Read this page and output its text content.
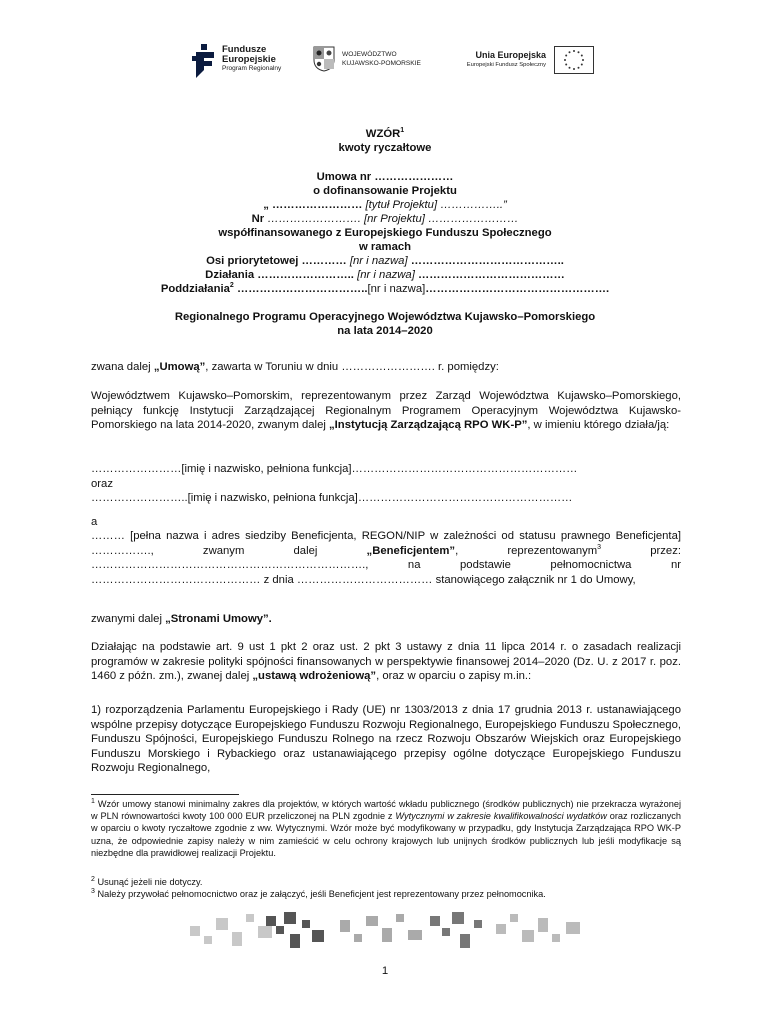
Fundusze
Europejskie
Program Regionalny
WOJEWÓDZTWO
KUJAWSKO-POMORSKIE
Unia Europejska
Europejski Fundusz Społeczny
WZÓR$^1$
kwoty ryczałtowe
Umowa nr …………………
o dofinansowanie Projektu
„ …………………… [tytuł Projektu] ……………..”
Nr ……………………. [nr Projektu] ……………………
współfinansowanego z Europejskiego Funduszu Społecznego
w ramach
Osi priorytetowej ………… [nr i nazwa] …………………………………..
Działania …………………….. [nr i nazwa] …………………………………
Poddziałania$^2$ ……………………………..[nr i nazwa]………………………………………….
Regionalnego Programu Operacyjnego Województwa Kujawsko–Pomorskiego
na lata 2014–2020
zwana dalej „Umową”, zawarta w Toruniu w dniu ……………………. r. pomiędzy:
Województwem Kujawsko–Pomorskim, reprezentowanym przez Zarząd Województwa Kujawsko–Pomorskiego, pełniący funkcję Instytucji Zarządzającej Regionalnym Programem Operacyjnym Województwa Kujawsko-Pomorskiego na lata 2014-2020, zwanym dalej „Instytucją Zarządzającą RPO WK-P”, w imieniu którego działa/ją:
……………………[imię i nazwisko, pełniona funkcja]……………………………………………………
oraz
……………………..[imię i nazwisko, pełniona funkcja]…………………………………………………
a
……… [pełna nazwa i adres siedziby Beneficjenta, REGON/NIP w zależności od statusu prawnego Beneficjenta] ……………., zwanym dalej „Beneficjentem”, reprezentowanym$^3$ przez: ………………………………………………………………., na podstawie pełnomocnictwa nr ……………………………………… z dnia ……………………………… stanowiącego załącznik nr 1 do Umowy,
zwanymi dalej „Stronami Umowy”.
Działając na podstawie art. 9 ust 1 pkt 2 oraz ust. 2 pkt 3 ustawy z dnia 11 lipca 2014 r. o zasadach realizacji programów w zakresie polityki spójności finansowanych w perspektywie finansowej 2014–2020 (Dz. U. z 2017 r. poz. 1460 z późn. zm.), zwanej dalej „ustawą wdrożeniową”, oraz w oparciu o zapisy m.in.:
1) rozporządzenia Parlamentu Europejskiego i Rady (UE) nr 1303/2013 z dnia 17 grudnia 2013 r. ustanawiającego wspólne przepisy dotyczące Europejskiego Funduszu Rozwoju Regionalnego, Europejskiego Funduszu Społecznego, Funduszu Spójności, Europejskiego Funduszu Rolnego na rzecz Rozwoju Obszarów Wiejskich oraz Europejskiego Funduszu Morskiego i Rybackiego oraz ustanawiającego przepisy ogólne dotyczące Europejskiego Funduszu Rozwoju Regionalnego,
$^1$ Wzór umowy stanowi minimalny zakres dla projektów, w których wartość wkładu publicznego (środków publicznych) nie przekracza wyrażonej w PLN równowartości kwoty 100 000 EUR przeliczonej na PLN zgodnie z Wytycznymi w zakresie kwalifikowalności wydatków oraz rozliczanych w oparciu o kwoty ryczałtowe zgodnie z ww. Wytycznymi. Wzór może być modyfikowany w przypadku, gdy Instytucja Zarządzająca RPO WK-P uzna, że odpowiednie zapisy należy w nim zamieścić w celu ochrony krajowych lub unijnych środków publicznych lub jeśli modyfikacje są niezbędne dla prawidłowej realizacji Projektu.
$^2$ Usunąć jeżeli nie dotyczy.
$^3$ Należy przywołać pełnomocnictwo oraz je załączyć, jeśli Beneficjent jest reprezentowany przez pełnomocnika.
1
